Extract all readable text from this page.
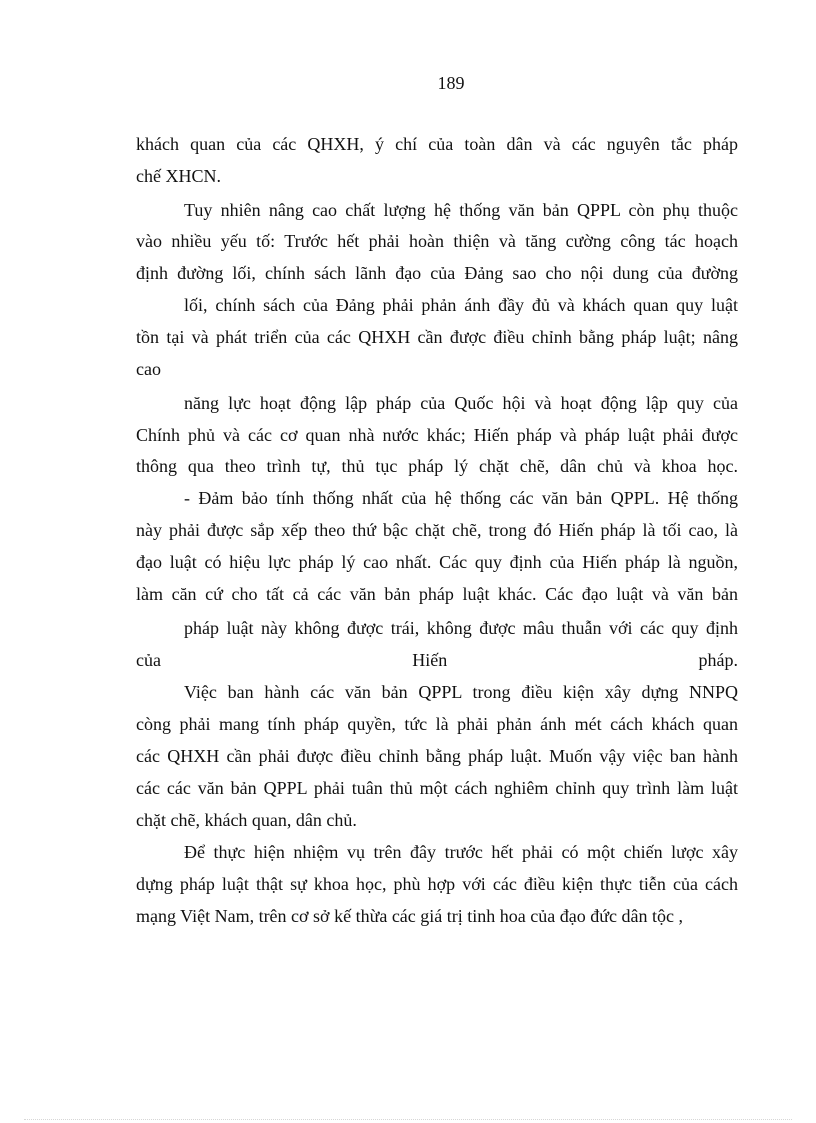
189
khách quan của các QHXH, ý chí của toàn dân và các nguyên tắc pháp
chế XHCN.
Tuy nhiên nâng cao chất lượng hệ thống văn bản QPPL còn phụ thuộc
vào nhiều yếu tố: Trước hết phải hoàn thiện và tăng cường công tác hoạch
định đường lối, chính sách lãnh đạo của Đảng sao cho nội dung của đường
lối, chính sách của Đảng phải phản ánh đầy đủ và khách quan quy luật
tồn tại và phát triển của các QHXH cần được điều chỉnh bằng pháp luật; nâng
cao
năng lực hoạt động lập pháp của Quốc hội và hoạt động lập quy của
Chính phủ và các cơ quan nhà nước khác; Hiến pháp và pháp luật phải được
thông qua theo trình tự, thủ tục pháp lý chặt chẽ, dân chủ và khoa học.
- Đảm bảo tính thống nhất của hệ thống các văn bản QPPL. Hệ thống
này phải được sắp xếp theo thứ bậc chặt chẽ, trong đó Hiến pháp là tối cao, là
đạo luật có hiệu lực pháp lý cao nhất. Các quy định của Hiến pháp là nguồn,
làm căn cứ cho tất cả các văn bản pháp luật khác. Các đạo luật và văn bản
pháp luật này không được trái, không được mâu thuẫn với các quy định
của Hiến pháp.
Việc ban hành các văn bản QPPL trong điều kiện xây dựng NNPQ
còng phải mang tính pháp quyền, tức là phải phản ánh mét cách khách quan
các QHXH cần phải được điều chỉnh bằng pháp luật. Muốn vậy việc ban hành
các các văn bản QPPL phải tuân thủ một cách nghiêm chỉnh quy trình làm luật
chặt chẽ, khách quan, dân chủ.
Để thực hiện nhiệm vụ trên đây trước hết phải có một chiến lược xây
dựng pháp luật thật sự khoa học, phù hợp với các điều kiện thực tiễn của cách
mạng Việt Nam, trên cơ sở kế thừa các giá trị tinh hoa của đạo đức dân tộc ,
